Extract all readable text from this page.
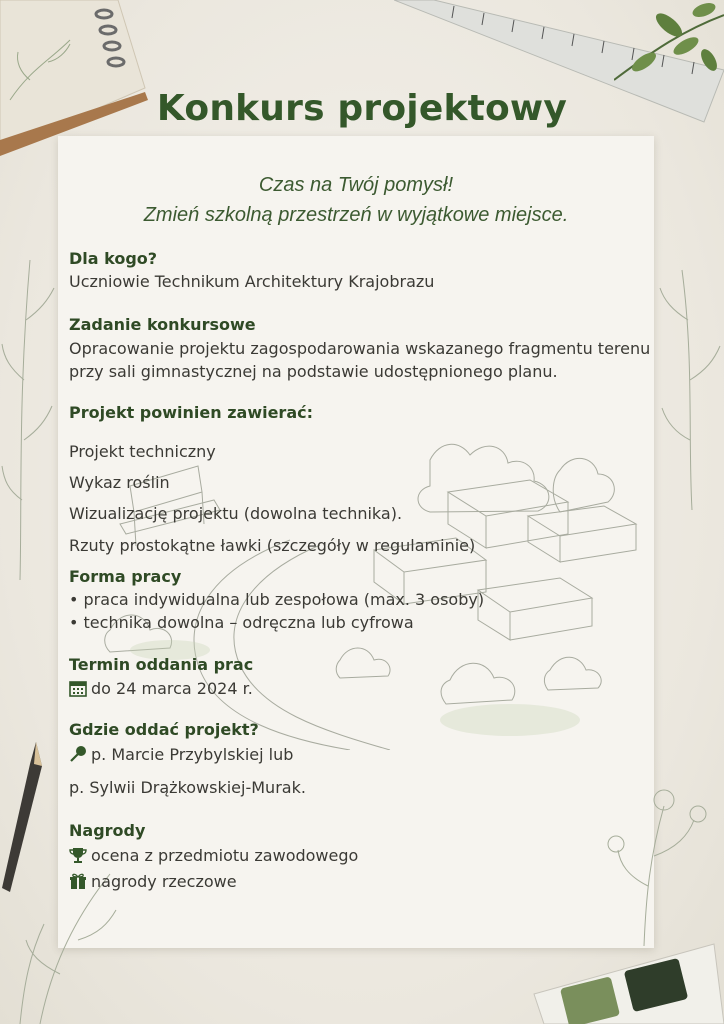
Konkurs projektowy
Czas na Twój pomysł!
Zmień szkolną przestrzeń w wyjątkowe miejsce.
Dla kogo?
Uczniowie Technikum Architektury Krajobrazu
Zadanie konkursowe
Opracowanie projektu zagospodarowania wskazanego fragmentu terenu
przy sali gimnastycznej na podstawie udostępnionego planu.
Projekt powinien zawierać:
Projekt techniczny
Wykaz roślin
Wizualizację projektu (dowolna technika).
Rzuty prostokątne ławki (szczegóły w regulaminie)
Forma pracy
• praca indywidualna lub zespołowa (max. 3 osoby)
• technika dowolna – odręczna lub cyfrowa
Termin oddania prac
do 24 marca 2024 r.
Gdzie oddać projekt?
p. Marcie Przybylskiej lub
p. Sylwii Drążkowskiej-Murak.
Nagrody
ocena z przedmiotu zawodowego
nagrody rzeczowe
